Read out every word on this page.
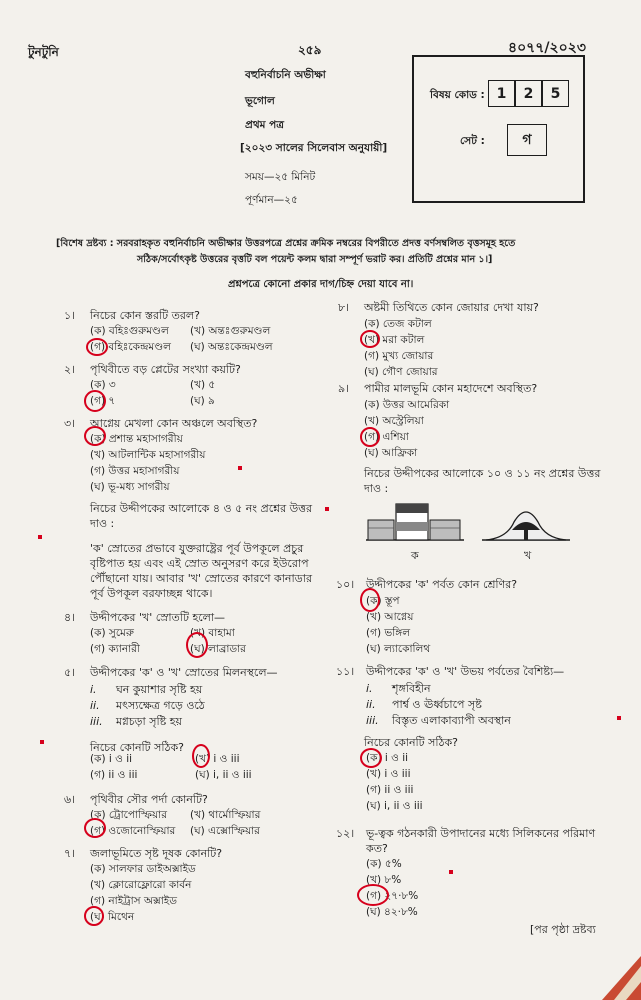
টুনটুনি	২৫৯	৪০৭৭/২০২৩
বহুনির্বাচনি অভীক্ষা
ভূগোল
প্রথম পত্র
[২০২৩ সালের সিলেবাস অনুযায়ী]
সময়—২৫ মিনিট
পূর্ণমান—২৫
বিষয় কোড : 1	2	5
সেট :	গ
[বিশেষ দ্রষ্টব্য : সরবরাহকৃত বহুনির্বাচনি অভীক্ষার উত্তরপত্রে প্রশ্নের ক্রমিক নম্বরের বিপরীতে প্রদত্ত বর্ণসম্বলিত বৃত্তসমূহ হতে
সঠিক/সর্বোৎকৃষ্ট উত্তরের বৃত্তটি বল পয়েন্ট কলম দ্বারা সম্পূর্ণ ভরাট কর। প্রতিটি প্রশ্নের মান ১।]
প্রশ্নপত্রে কোনো প্রকার দাগ/চিহ্ন দেয়া যাবে না।
১। নিচের কোন স্তরটি তরল?
(ক) বহিঃগুরুমণ্ডল (খ) অন্তঃগুরুমণ্ডল
(গ) বহিঃকেন্দ্রমণ্ডল (ঘ) অন্তঃকেন্দ্রমণ্ডল
২। পৃথিবীতে বড় প্লেটের সংখ্যা কয়টি?
(ক) ৩	(খ) ৫
(গ) ৭	(ঘ) ৯
৩। আগ্নেয় মেখলা কোন অঞ্চলে অবস্থিত?
(ক) প্রশান্ত মহাসাগরীয়
(খ) আটলান্টিক মহাসাগরীয়
(গ) উত্তর মহাসাগরীয়
(ঘ) ভূ-মধ্য সাগরীয়
নিচের উদ্দীপকের আলোকে ৪ ও ৫ নং প্রশ্নের উত্তর
দাও :
'ক' স্রোতের প্রভাবে যুক্তরাষ্ট্রের পূর্ব উপকূলে প্রচুর
বৃষ্টিপাত হয় এবং এই স্রোত অনুসরণ করে ইউরোপ
পৌঁছানো যায়। আবার 'খ' স্রোতের কারণে কানাডার
পূর্ব উপকূল বরফাচ্ছন্ন থাকে।
৪। উদ্দীপকের 'খ' স্রোতটি হলো—
(ক) সুমেরু	(খ) বাহামা
(গ) ক্যানারী	(ঘ) লাব্রাডার
৫। উদ্দীপকের 'ক' ও 'খ' স্রোতের মিলনস্থলে—
i. ঘন কুয়াশার সৃষ্টি হয়
ii. মৎস্যক্ষেত্র গড়ে ওঠে
iii. মগ্নচড়া সৃষ্টি হয়
নিচের কোনটি সঠিক?
(ক) i ও ii	(খ) i ও iii
(গ) ii ও iii	(ঘ) i, ii ও iii
৬। পৃথিবীর সৌর পর্দা কোনটি?
(ক) ট্রোপোস্ফিয়ার (খ) থার্মোস্ফিয়ার
(গ) ওজোনোস্ফিয়ার (ঘ) এক্সোস্ফিয়ার
৭। জলাভূমিতে সৃষ্ট দূষক কোনটি?
(ক) সালফার ডাইঅক্সাইড
(খ) ক্লোরোফ্লোরো কার্বন
(গ) নাইট্রাস অক্সাইড
(ঘ) মিথেন
৮। অষ্টমী তিথিতে কোন জোয়ার দেখা যায়?
(ক) তেজ কটাল
(খ) মরা কটাল
(গ) মুখ্য জোয়ার
(ঘ) গৌণ জোয়ার
৯। পামীর মালভূমি কোন মহাদেশে অবস্থিত?
(ক) উত্তর আমেরিকা
(খ) অস্ট্রেলিয়া
(গ) এশিয়া
(ঘ) আফ্রিকা
নিচের উদ্দীপকের আলোকে ১০ ও ১১ নং প্রশ্নের উত্তর
দাও :
ক	খ
১০। উদ্দীপকের 'ক' পর্বত কোন শ্রেণির?
(ক) স্তূপ
(খ) আগ্নেয়
(গ) ভঙ্গিল
(ঘ) ল্যাকোলিথ
১১। উদ্দীপকের 'ক' ও 'খ' উভয় পর্বতের বৈশিষ্ট্য—
i. শৃঙ্গবিহীন
ii. পার্শ্ব ও ঊর্ধ্বচাপে সৃষ্ট
iii. বিস্তৃত এলাকাব্যাপী অবস্থান
নিচের কোনটি সঠিক?
(ক) i ও ii
(খ) i ও iii
(গ) ii ও iii
(ঘ) i, ii ও iii
১২। ভূ-ত্বক গঠনকারী উপাদানের মধ্যে সিলিকনের পরিমাণ
কত?
(ক) ৫%
(খ) ৮%
(গ) ২৭·৮%
(ঘ) ৪২·৮%
[পর পৃষ্ঠা দ্রষ্টব্য
